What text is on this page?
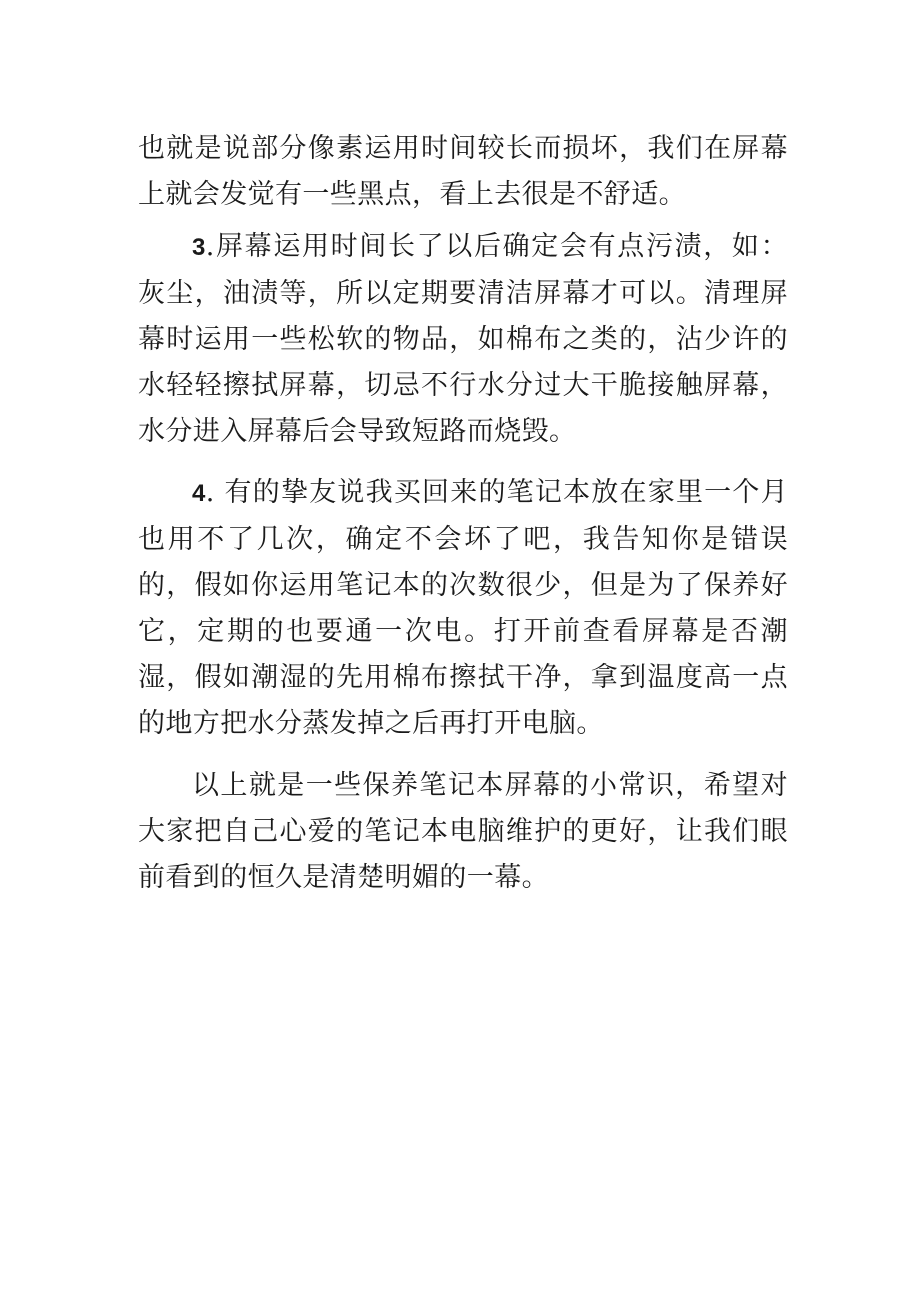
也就是说部分像素运用时间较长而损坏，我们在屏幕上就会发觉有一些黑点，看上去很是不舒适。

3.屏幕运用时间长了以后确定会有点污渍，如：灰尘，油渍等，所以定期要清洁屏幕才可以。清理屏幕时运用一些松软的物品，如棉布之类的，沾少许的水轻轻擦拭屏幕，切忌不行水分过大干脆接触屏幕，水分进入屏幕后会导致短路而烧毁。

4. 有的挚友说我买回来的笔记本放在家里一个月也用不了几次，确定不会坏了吧，我告知你是错误的，假如你运用笔记本的次数很少，但是为了保养好它，定期的也要通一次电。打开前查看屏幕是否潮湿，假如潮湿的先用棉布擦拭干净，拿到温度高一点的地方把水分蒸发掉之后再打开电脑。

以上就是一些保养笔记本屏幕的小常识，希望对大家把自己心爱的笔记本电脑维护的更好，让我们眼前看到的恒久是清楚明媚的一幕。
